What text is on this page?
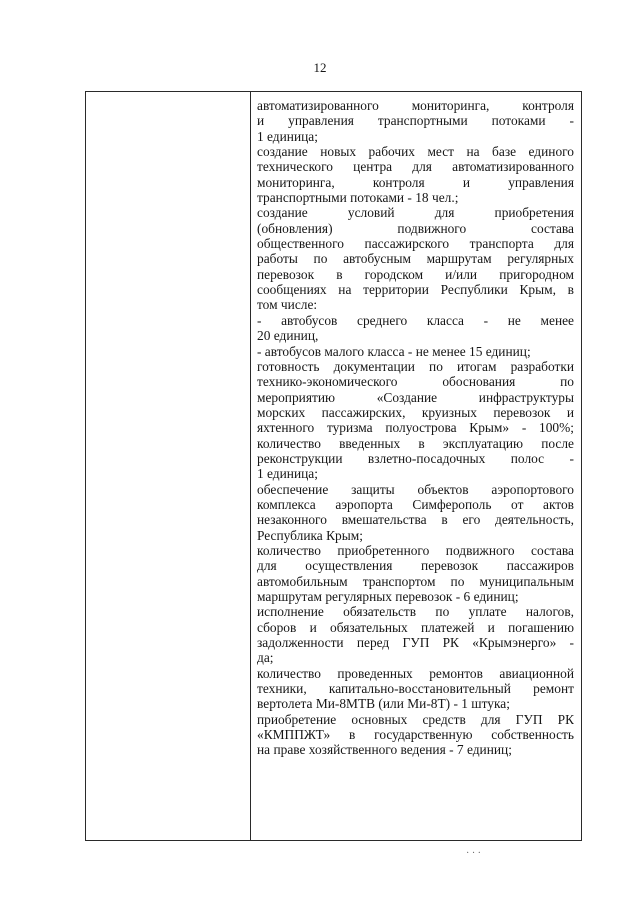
12
автоматизированного мониторинга, контроля
и управления транспортными потоками -
1 единица;
создание новых рабочих мест на базе единого
технического центра для автоматизированного
мониторинга, контроля и управления
транспортными потоками - 18 чел.;
создание условий для приобретения
(обновления) подвижного состава
общественного пассажирского транспорта для
работы по автобусным маршрутам регулярных
перевозок в городском и/или пригородном
сообщениях на территории Республики Крым, в
том числе:
- автобусов среднего класса - не менее
20 единиц,
- автобусов малого класса - не менее 15 единиц;
готовность документации по итогам разработки
технико-экономического обоснования по
мероприятию «Создание инфраструктуры
морских пассажирских, круизных перевозок и
яхтенного туризма полуострова Крым» - 100%;
количество введенных в эксплуатацию после
реконструкции взлетно-посадочных полос -
1 единица;
обеспечение защиты объектов аэропортового
комплекса аэропорта Симферополь от актов
незаконного вмешательства в его деятельность,
Республика Крым;
количество приобретенного подвижного состава
для осуществления перевозок пассажиров
автомобильным транспортом по муниципальным
маршрутам регулярных перевозок - 6 единиц;
исполнение обязательств по уплате налогов,
сборов и обязательных платежей и погашению
задолженности перед ГУП РК «Крымэнерго» -
да;
количество проведенных ремонтов авиационной
техники, капитально-восстановительный ремонт
вертолета Ми-8МТВ (или Ми-8Т) - 1 штука;
приобретение основных средств для ГУП РК
«КМППЖТ» в государственную собственность
на праве хозяйственного ведения - 7 единиц;
· · ·
